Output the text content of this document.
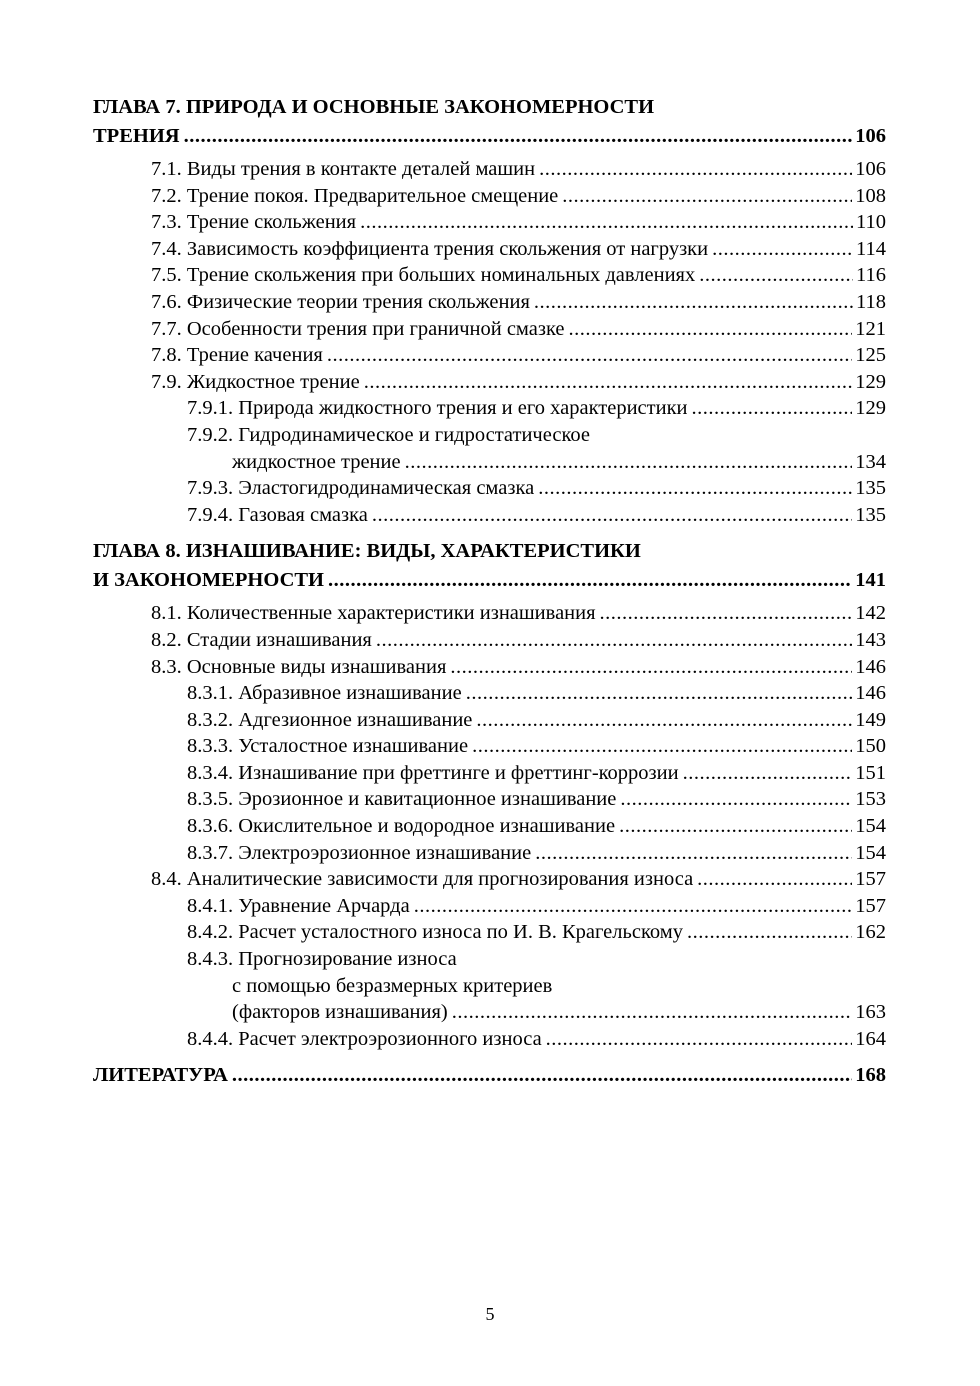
ГЛАВА 7. ПРИРОДА И ОСНОВНЫЕ ЗАКОНОМЕРНОСТИ
ТРЕНИЯ .....	106
7.1. Виды трения в контакте деталей машин .....	106
7.2. Трение покоя. Предварительное смещение .....	108
7.3. Трение скольжения .....	110
7.4. Зависимость коэффициента трения скольжения от нагрузки .....	114
7.5. Трение скольжения при больших номинальных давлениях .....	116
7.6. Физические теории трения скольжения .....	118
7.7. Особенности трения при граничной смазке .....	121
7.8. Трение качения .....	125
7.9. Жидкостное трение .....	129
7.9.1. Природа жидкостного трения и его характеристики .....	129
7.9.2. Гидродинамическое и гидростатическое
жидкостное трение .....	134
7.9.3. Эластогидродинамическая смазка .....	135
7.9.4. Газовая смазка .....	135
ГЛАВА 8. ИЗНАШИВАНИЕ: ВИДЫ, ХАРАКТЕРИСТИКИ
И ЗАКОНОМЕРНОСТИ .....	141
8.1. Количественные характеристики изнашивания .....	142
8.2. Стадии изнашивания .....	143
8.3. Основные виды изнашивания .....	146
8.3.1. Абразивное изнашивание .....	146
8.3.2. Адгезионное изнашивание .....	149
8.3.3. Усталостное изнашивание .....	150
8.3.4. Изнашивание при фреттинге и фреттинг-коррозии .....	151
8.3.5. Эрозионное и кавитационное изнашивание .....	153
8.3.6. Окислительное и водородное изнашивание .....	154
8.3.7. Электроэрозионное изнашивание .....	154
8.4. Аналитические зависимости для прогнозирования износа .....	157
8.4.1. Уравнение Арчарда .....	157
8.4.2. Расчет усталостного износа по И. В. Крагельскому .....	162
8.4.3. Прогнозирование износа
с помощью безразмерных критериев
(факторов изнашивания) .....	163
8.4.4. Расчет электроэрозионного износа .....	164
ЛИТЕРАТУРА .....	168
5
